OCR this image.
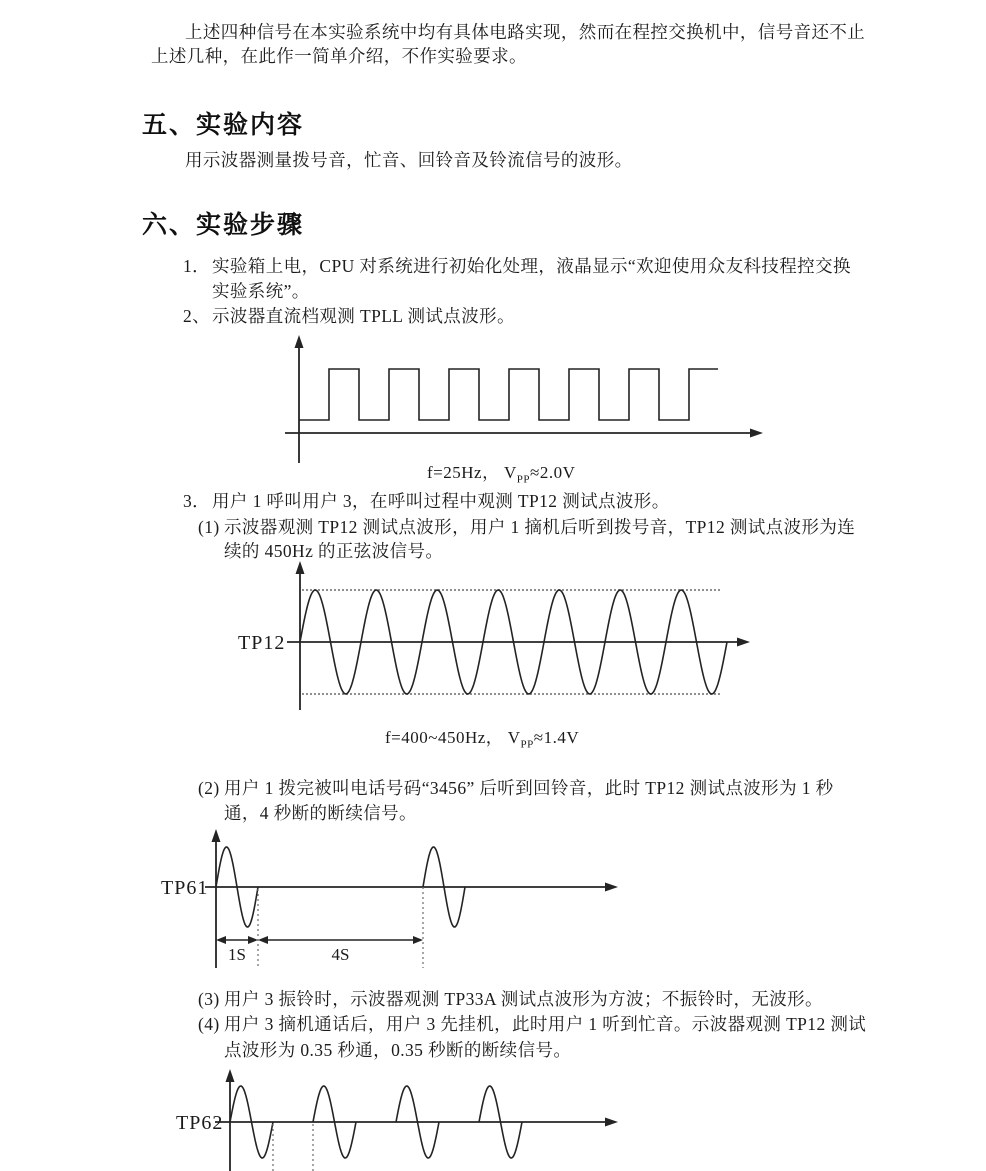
上述四种信号在本实验系统中均有具体电路实现，然而在程控交换机中，信号音还不止
上述几种，在此作一简单介绍，不作实验要求。
五、实验内容
用示波器测量拨号音，忙音、回铃音及铃流信号的波形。
六、实验步骤
1． 实验箱上电，CPU 对系统进行初始化处理，液晶显示“欢迎使用众友科技程控交换
实验系统”。
2、 示波器直流档观测 TPLL 测试点波形。
f=25Hz， $V_{PP}\approx 2.0V$
3． 用户 1 呼叫用户 3，在呼叫过程中观测 TP12 测试点波形。
(1) 示波器观测 TP12 测试点波形，用户 1 摘机后听到拨号音，TP12 测试点波形为连
续的 450Hz 的正弦波信号。
TP12
f=400~450Hz， $V_{PP}\approx 1.4V$
(2) 用户 1 拨完被叫电话号码“3456” 后听到回铃音，此时 TP12 测试点波形为 1 秒
通，4 秒断的断续信号。
TP61
1S	4S
(3) 用户 3 振铃时，示波器观测 TP33A 测试点波形为方波；不振铃时，无波形。
(4) 用户 3 摘机通话后，用户 3 先挂机，此时用户 1 听到忙音。示波器观测 TP12 测试
点波形为 0.35 秒通，0.35 秒断的断续信号。
TP62
